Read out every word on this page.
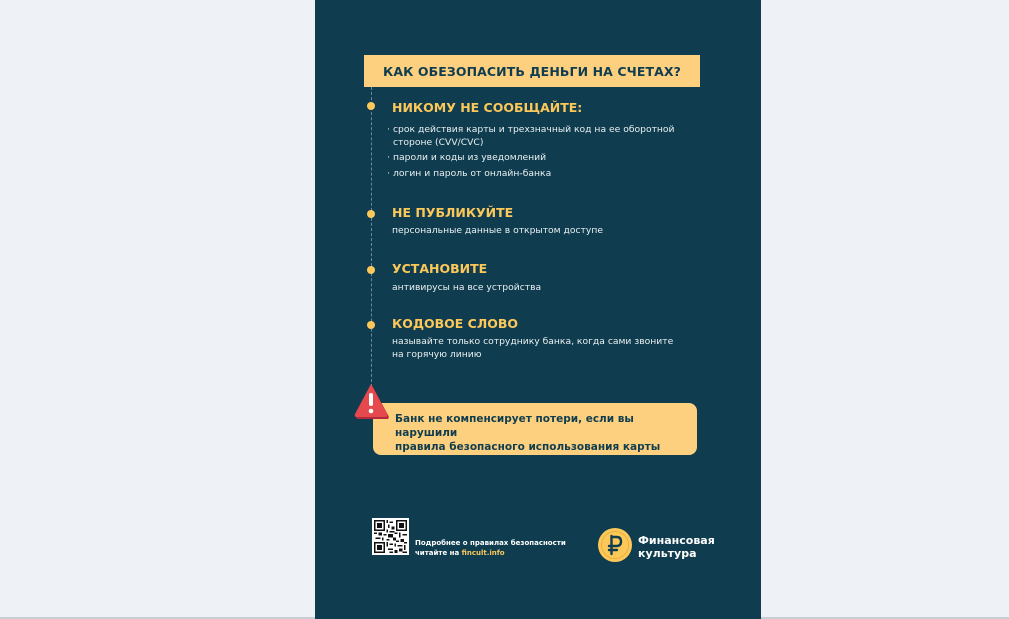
КАК ОБЕЗОПАСИТЬ ДЕНЬГИ НА СЧЕТАХ?
НИКОМУ НЕ СООБЩАЙТЕ:
· срок действия карты и трехзначный код на ее оборотной стороне (CVV/CVC)
· пароли и коды из уведомлений
· логин и пароль от онлайн-банка
НЕ ПУБЛИКУЙТЕ
персональные данные в открытом доступе
УСТАНОВИТЕ
антивирусы на все устройства
КОДОВОЕ СЛОВО
называйте только сотруднику банка, когда сами звоните на горячую линию
Банк не компенсирует потери, если вы нарушили
правила безопасного использования карты
Подробнее о правилах безопасности
читайте на fincult.info
Финансовая
культура
